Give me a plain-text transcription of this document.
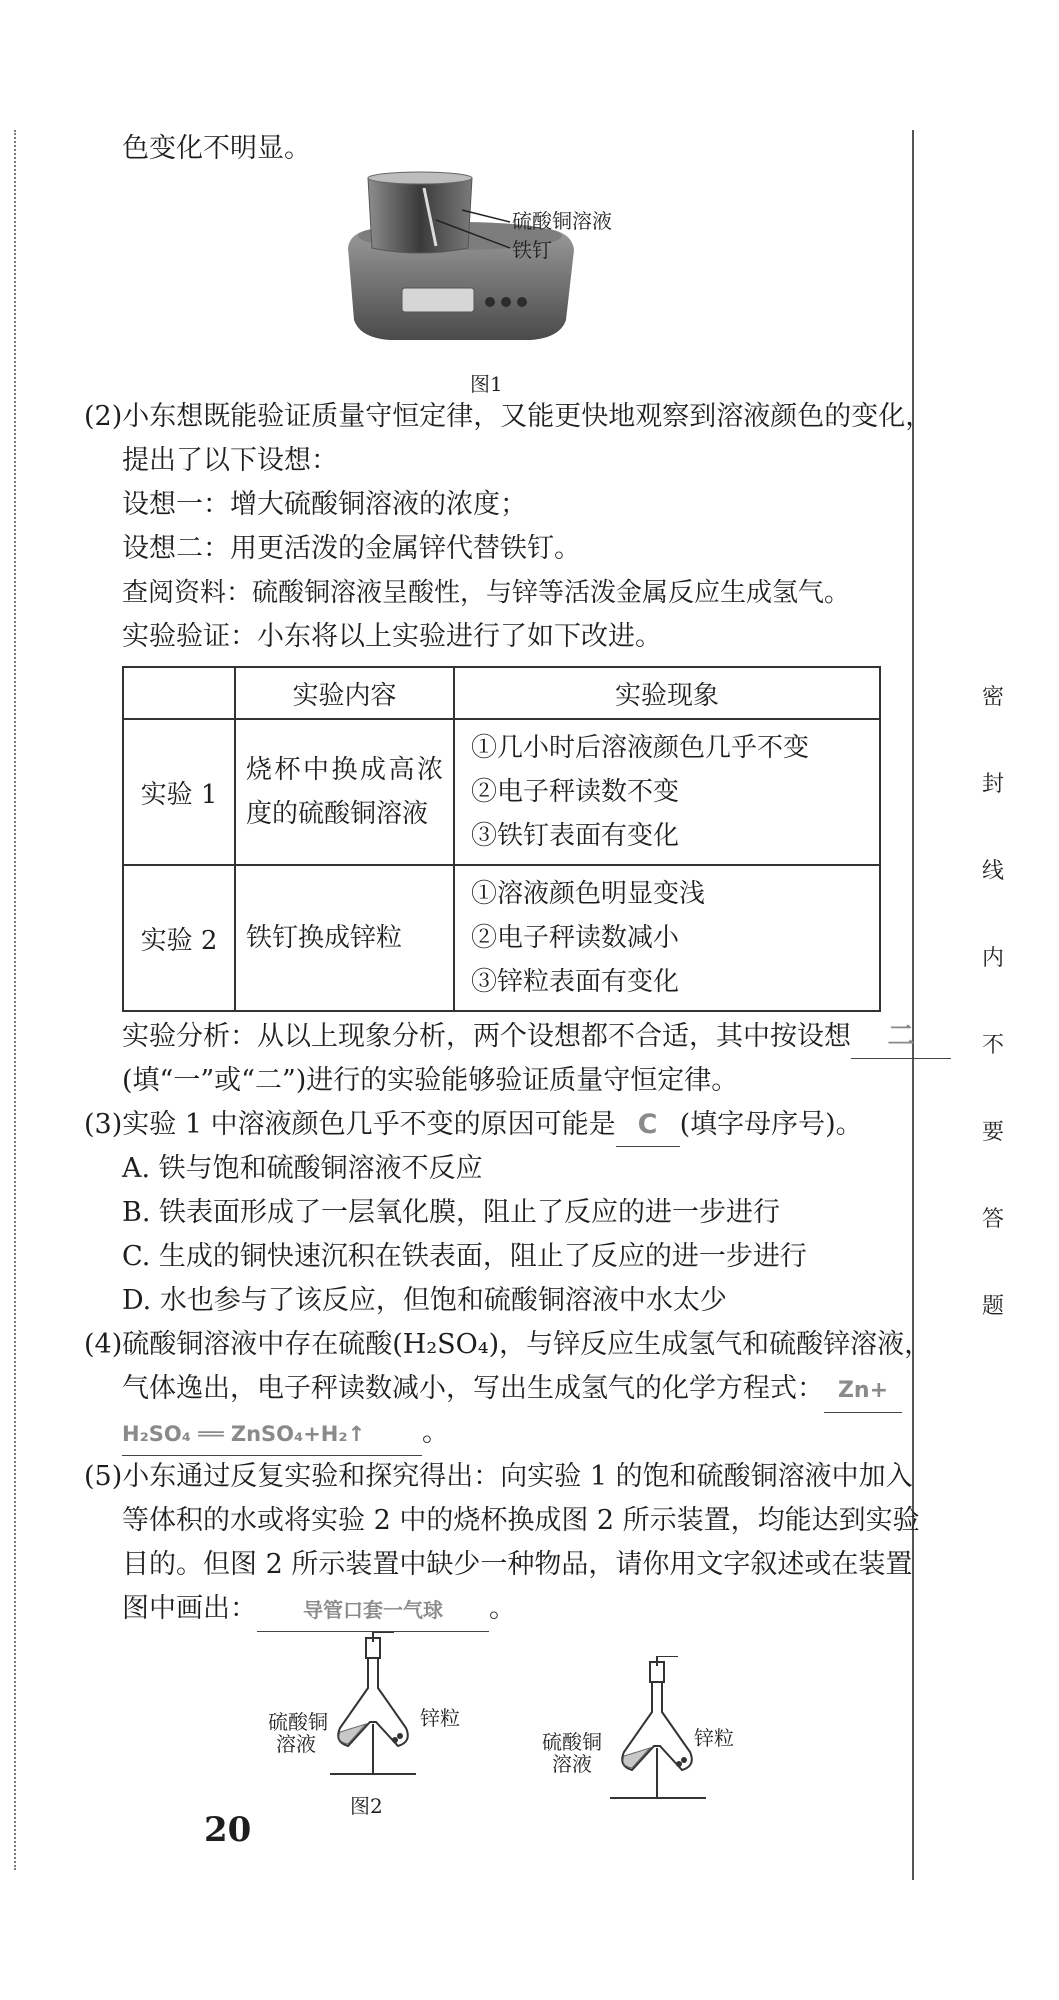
密
封
线
内
不
要
答
题
色变化不明显。
硫酸铜溶液
铁钉
图1
(2)小东想既能验证质量守恒定律，又能更快地观察到溶液颜色的变化，
提出了以下设想：
设想一：增大硫酸铜溶液的浓度；
设想二：用更活泼的金属锌代替铁钉。
查阅资料：硫酸铜溶液呈酸性，与锌等活泼金属反应生成氢气。
实验验证：小东将以上实验进行了如下改进。
	实验内容	实验现象
实验 1	烧杯中换成高浓度的硫酸铜溶液	①几小时后溶液颜色几乎不变
②电子秤读数不变
③铁钉表面有变化

实验 2	铁钉换成锌粒	①溶液颜色明显变浅
②电子秤读数减小
③锌粒表面有变化
实验分析：从以上现象分析，两个设想都不合适，其中按设想 二
(填“一”或“二”)进行的实验能够验证质量守恒定律。
(3)实验 1 中溶液颜色几乎不变的原因可能是 C (填字母序号)。
A. 铁与饱和硫酸铜溶液不反应
B. 铁表面形成了一层氧化膜，阻止了反应的进一步进行
C. 生成的铜快速沉积在铁表面，阻止了反应的进一步进行
D. 水也参与了该反应，但饱和硫酸铜溶液中水太少
(4)硫酸铜溶液中存在硫酸(H₂SO₄)，与锌反应生成氢气和硫酸锌溶液，
气体逸出，电子秤读数减小，写出生成氢气的化学方程式： Zn+
H₂SO₄ ══ ZnSO₄+H₂↑ 。
(5)小东通过反复实验和探究得出：向实验 1 的饱和硫酸铜溶液中加入
等体积的水或将实验 2 中的烧杯换成图 2 所示装置，均能达到实验
目的。但图 2 所示装置中缺少一种物品，请你用文字叙述或在装置
图中画出： 导管口套一气球 。
硫酸铜
溶液
锌粒
图2
硫酸铜
溶液
锌粒
20
